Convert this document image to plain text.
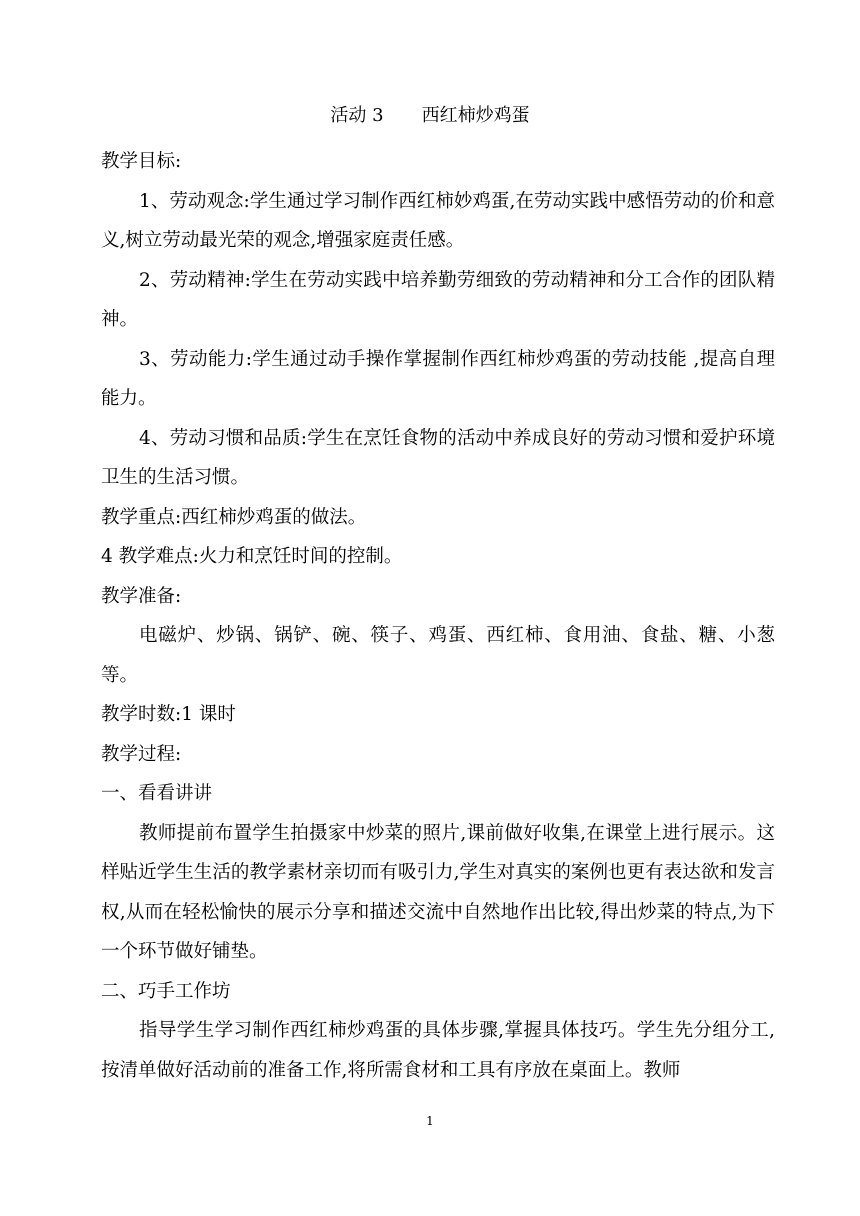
活动 3 西红柿炒鸡蛋

教学目标:

1、劳动观念:学生通过学习制作西红柿妙鸡蛋,在劳动实践中感悟劳动的价和意义,树立劳动最光荣的观念,增强家庭责任感。

2、劳动精神:学生在劳动实践中培养勤劳细致的劳动精神和分工合作的团队精神。

3、劳动能力:学生通过动手操作掌握制作西红柿炒鸡蛋的劳动技能 ,提高自理能力。

4、劳动习惯和品质:学生在烹饪食物的活动中养成良好的劳动习惯和爱护环境卫生的生活习惯。

教学重点:西红柿炒鸡蛋的做法。

4 教学难点:火力和烹饪时间的控制。

教学准备:

电磁炉、炒锅、锅铲、碗、筷子、鸡蛋、西红柿、食用油、食盐、糖、小葱等。

教学时数:1 课时

教学过程:

一、看看讲讲

教师提前布置学生拍摄家中炒菜的照片,课前做好收集,在课堂上进行展示。这样贴近学生生活的教学素材亲切而有吸引力,学生对真实的案例也更有表达欲和发言权,从而在轻松愉快的展示分享和描述交流中自然地作出比较,得出炒菜的特点,为下一个环节做好铺垫。

二、巧手工作坊

指导学生学习制作西红柿炒鸡蛋的具体步骤,掌握具体技巧。学生先分组分工,按清单做好活动前的准备工作,将所需食材和工具有序放在桌面上。教师

1
